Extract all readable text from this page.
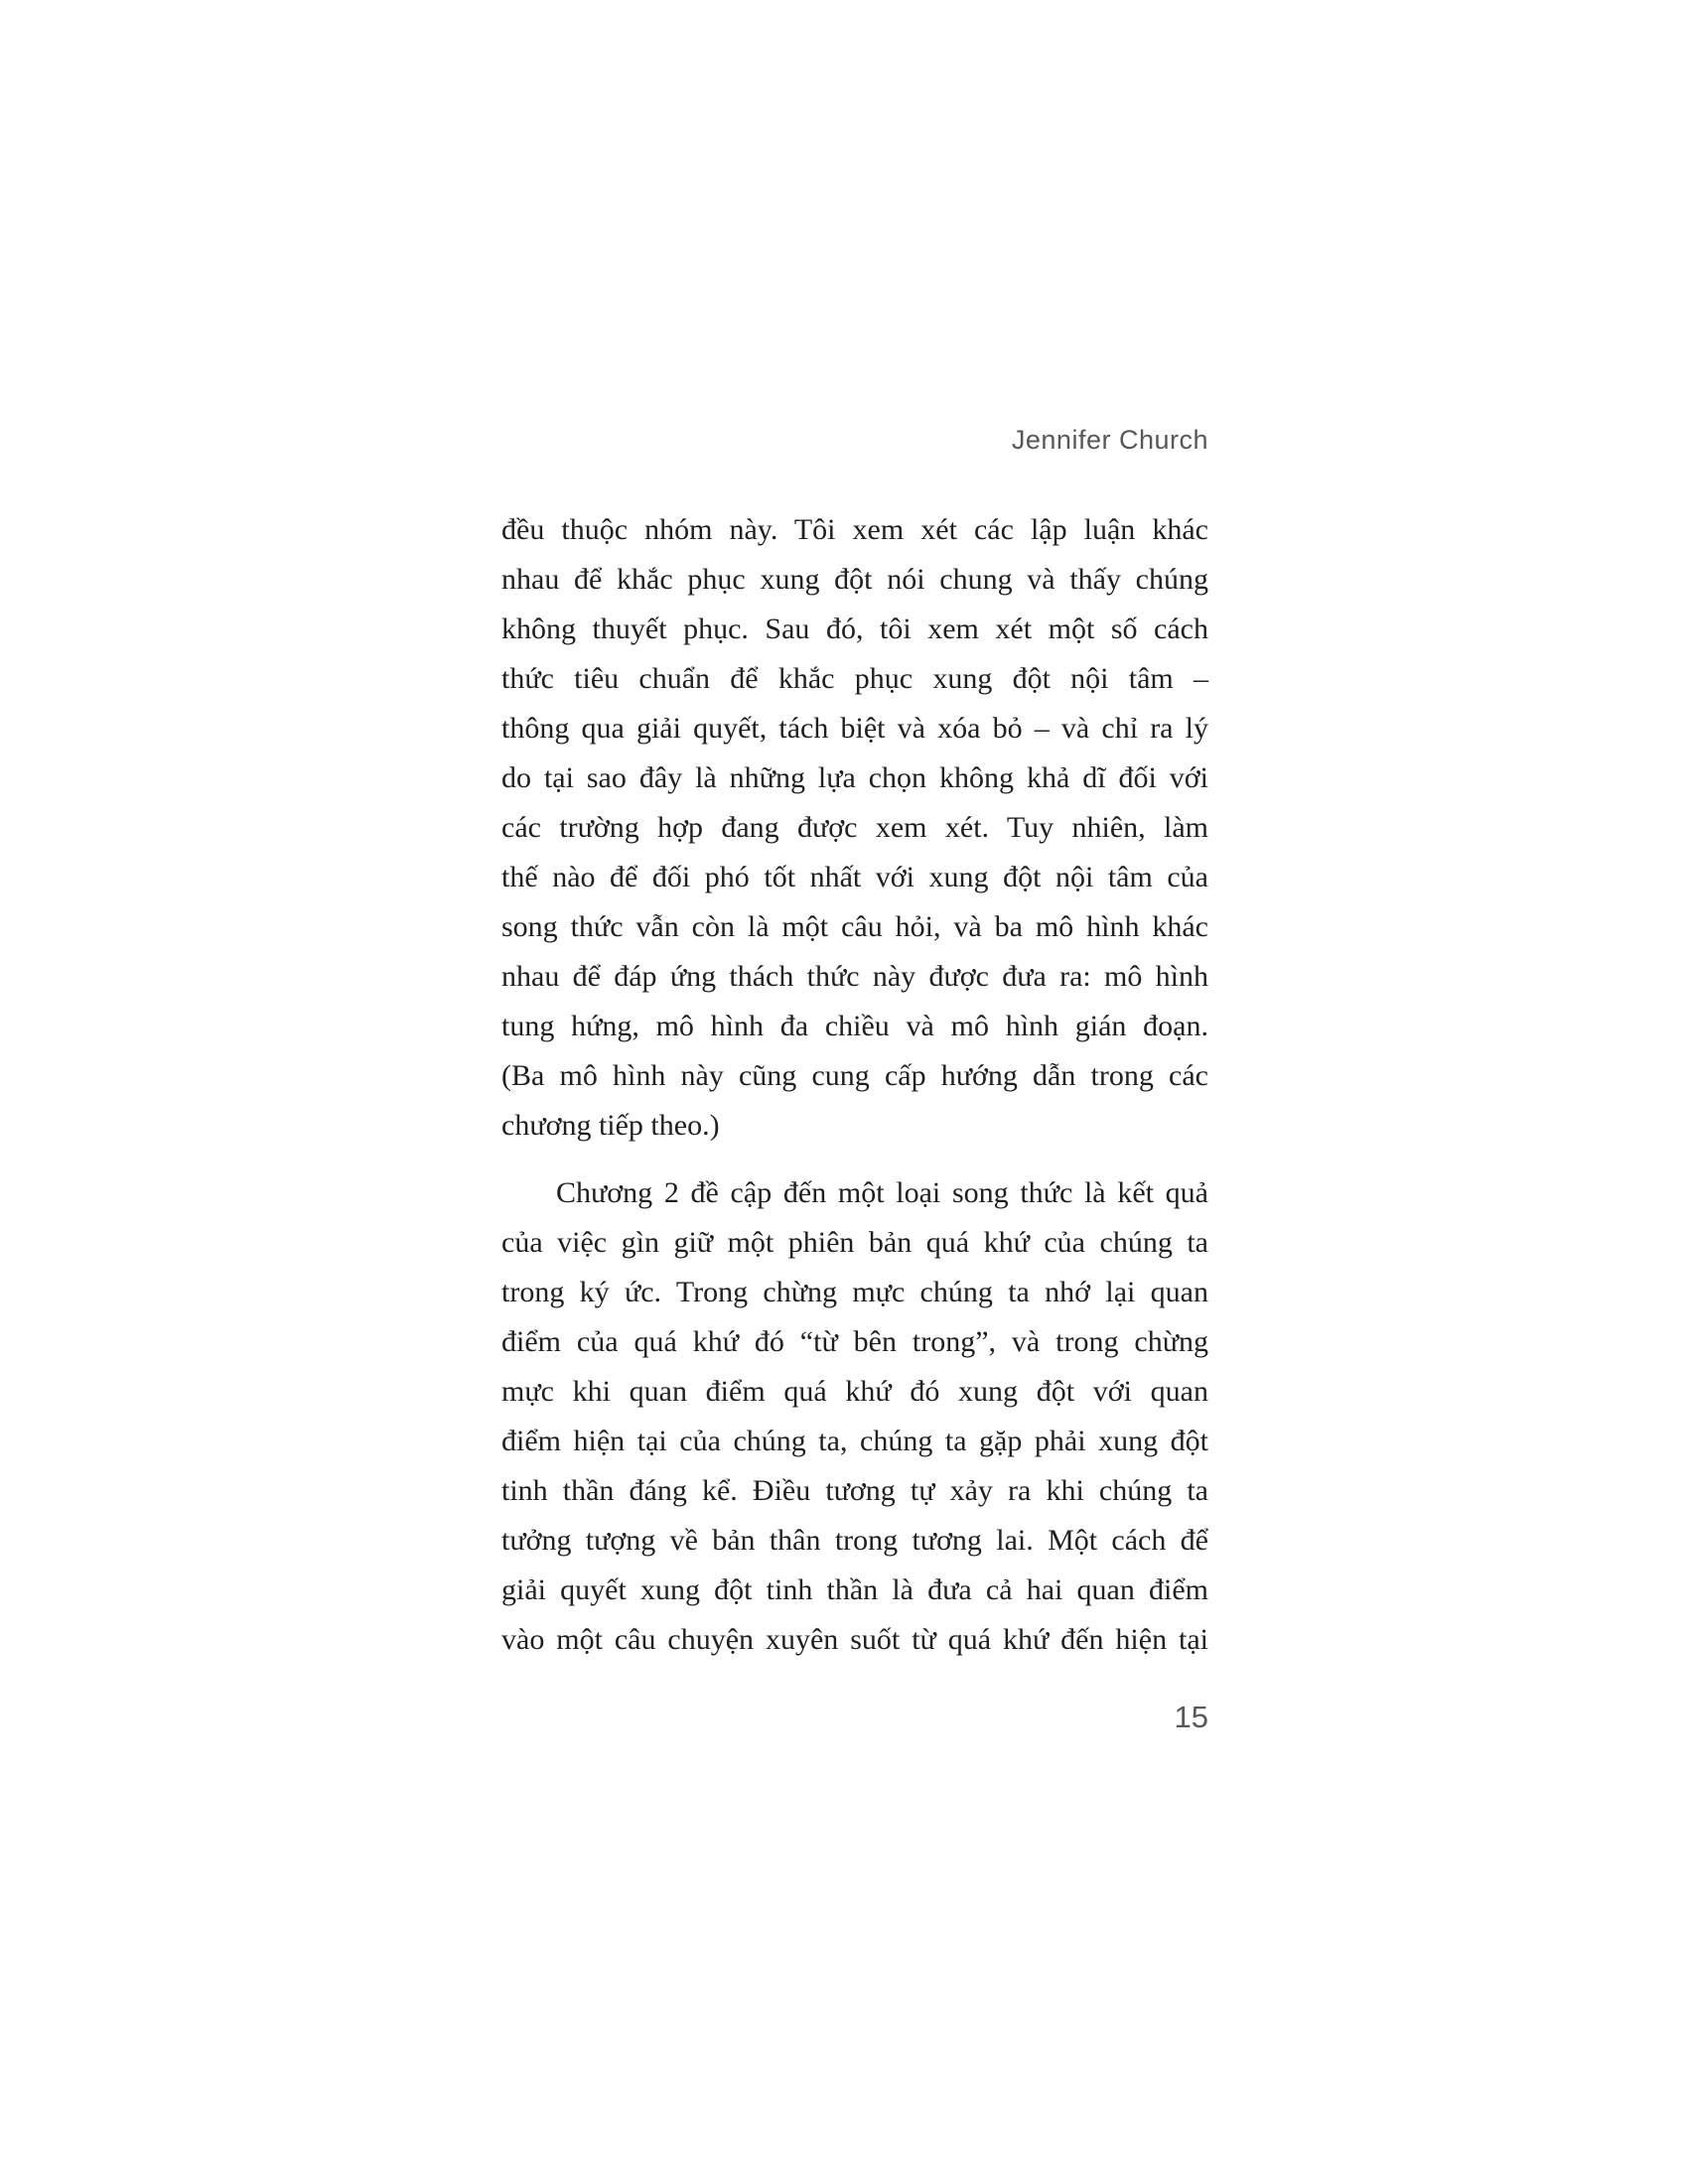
Jennifer Church
đều thuộc nhóm này. Tôi xem xét các lập luận khác
nhau để khắc phục xung đột nói chung và thấy chúng
không thuyết phục. Sau đó, tôi xem xét một số cách
thức tiêu chuẩn để khắc phục xung đột nội tâm –
thông qua giải quyết, tách biệt và xóa bỏ – và chỉ ra lý
do tại sao đây là những lựa chọn không khả dĩ đối với
các trường hợp đang được xem xét. Tuy nhiên, làm
thế nào để đối phó tốt nhất với xung đột nội tâm của
song thức vẫn còn là một câu hỏi, và ba mô hình khác
nhau để đáp ứng thách thức này được đưa ra: mô hình
tung hứng, mô hình đa chiều và mô hình gián đoạn.
(Ba mô hình này cũng cung cấp hướng dẫn trong các
chương tiếp theo.)
Chương 2 đề cập đến một loại song thức là kết quả
của việc gìn giữ một phiên bản quá khứ của chúng ta
trong ký ức. Trong chừng mực chúng ta nhớ lại quan
điểm của quá khứ đó “từ bên trong”, và trong chừng
mực khi quan điểm quá khứ đó xung đột với quan
điểm hiện tại của chúng ta, chúng ta gặp phải xung đột
tinh thần đáng kể. Điều tương tự xảy ra khi chúng ta
tưởng tượng về bản thân trong tương lai. Một cách để
giải quyết xung đột tinh thần là đưa cả hai quan điểm
vào một câu chuyện xuyên suốt từ quá khứ đến hiện tại
15
